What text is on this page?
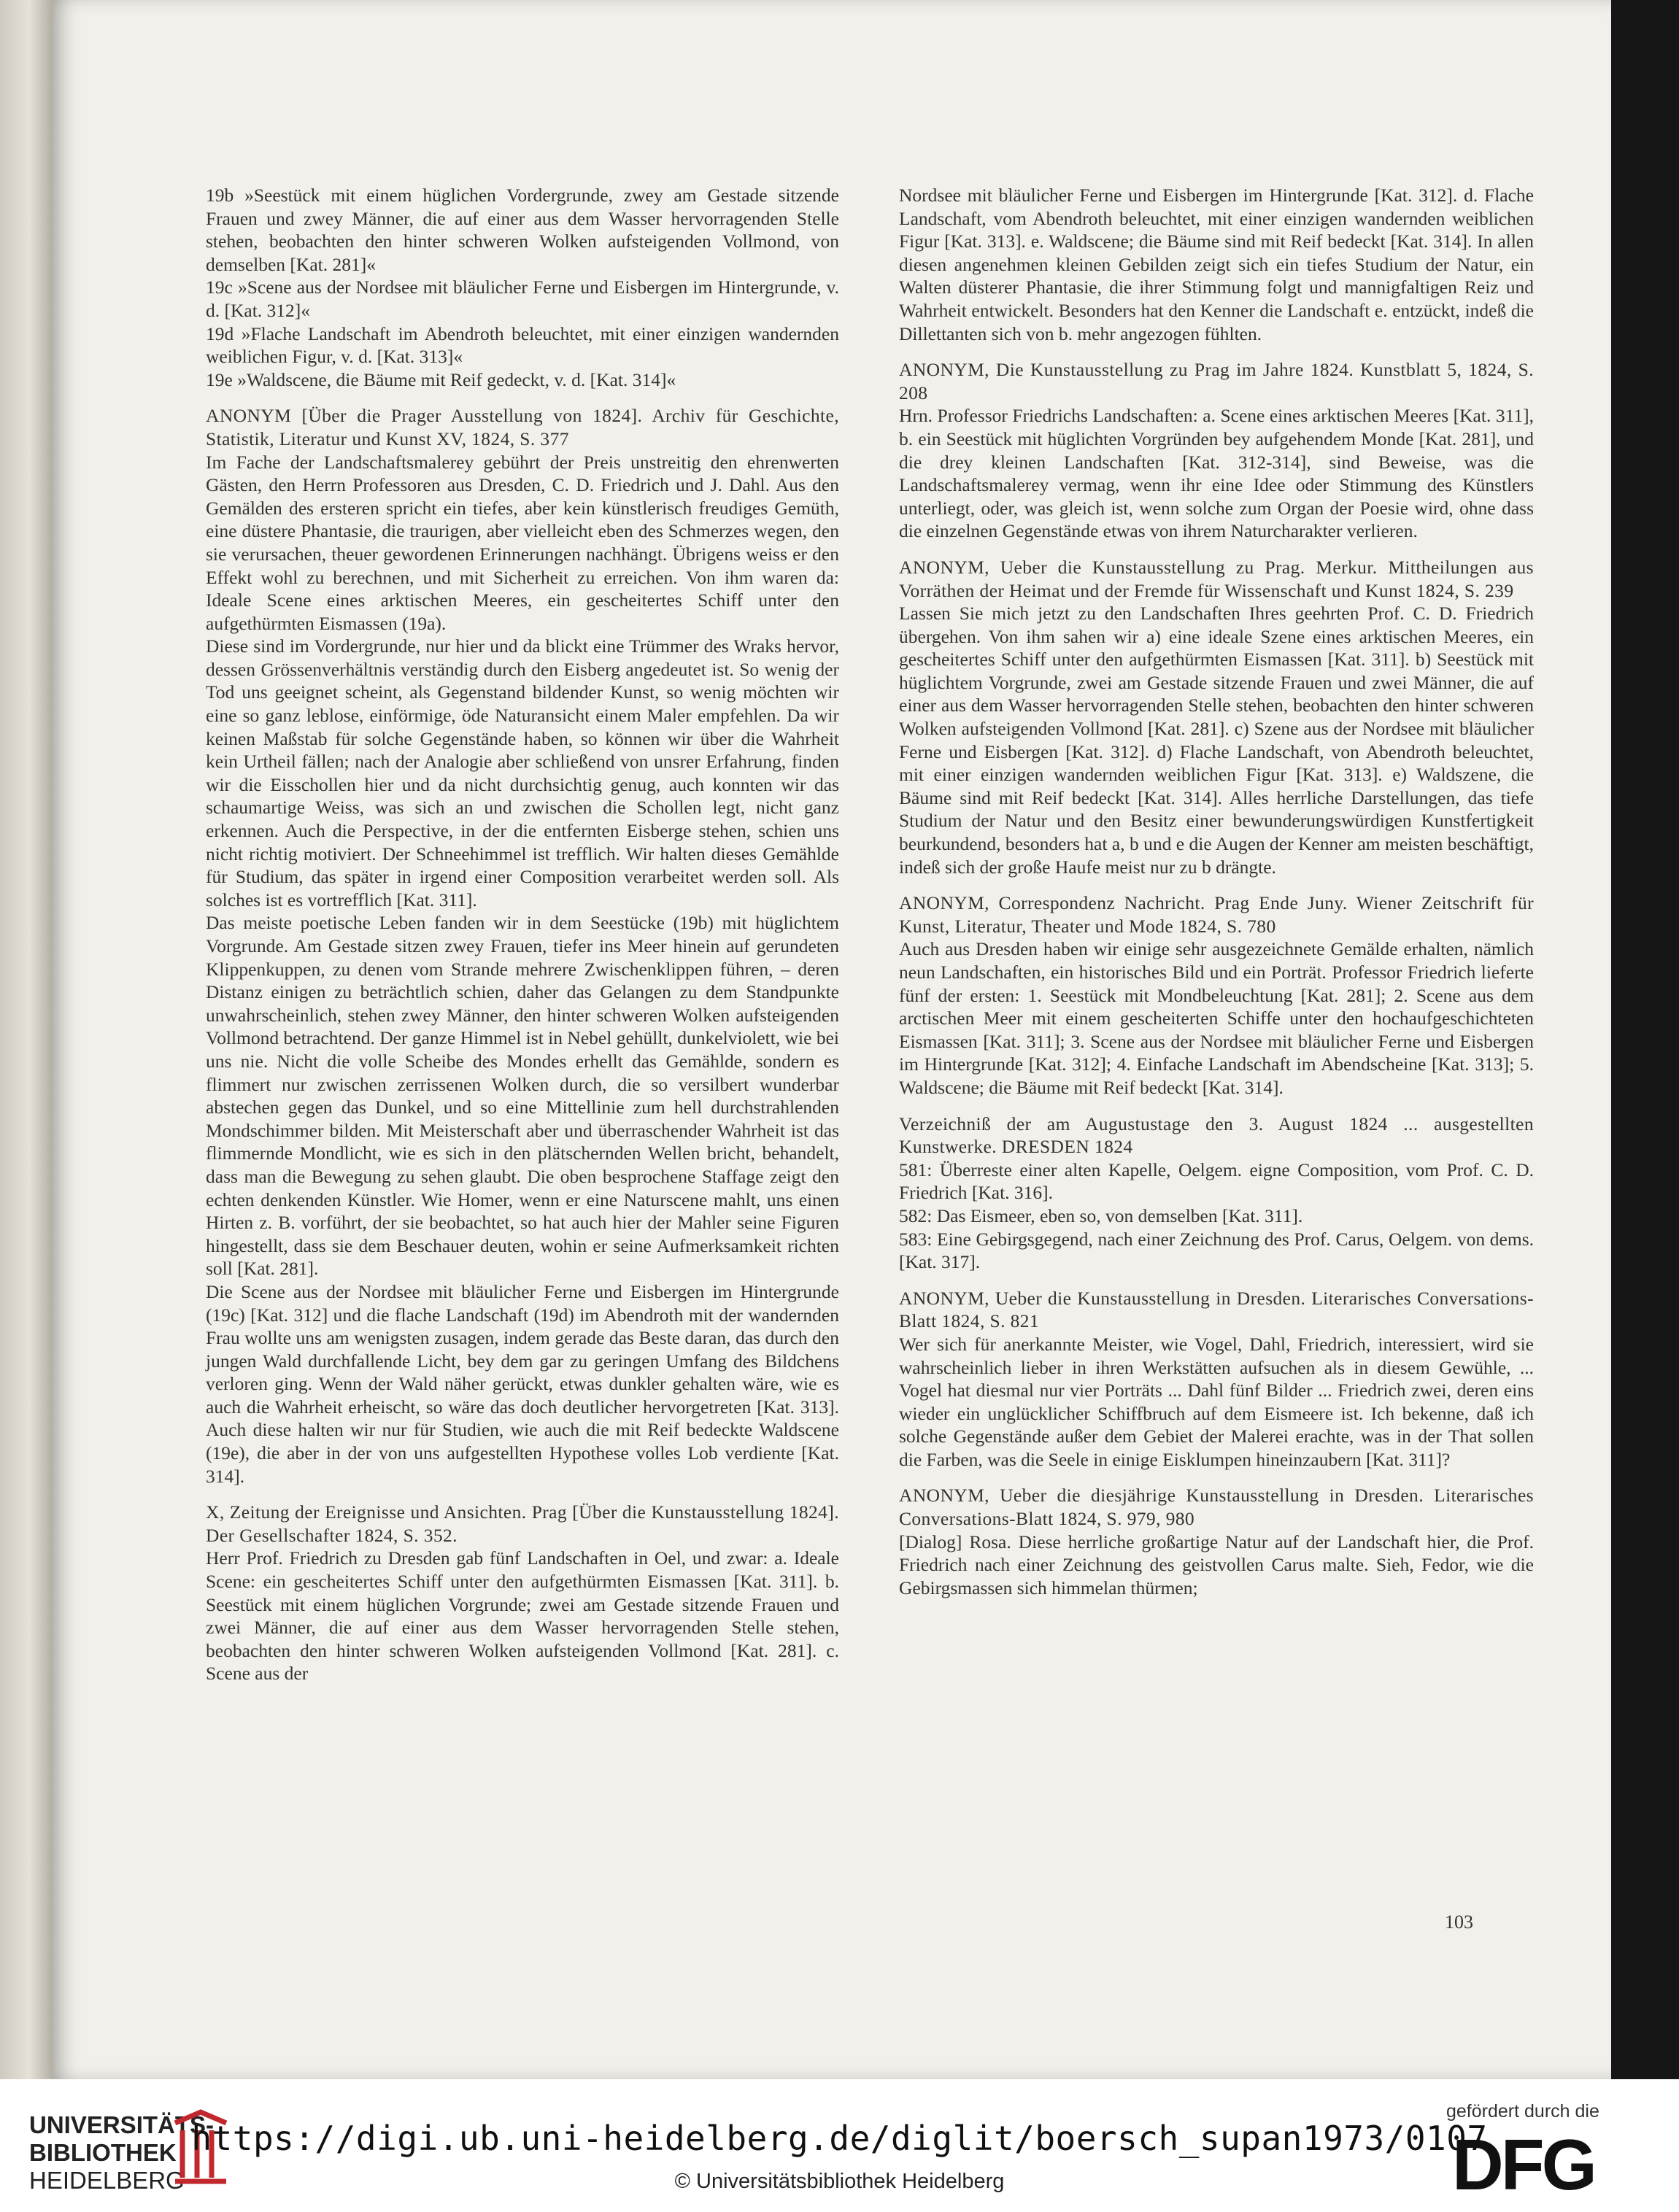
19b »Seestück mit einem hüglichen Vordergrunde, zwey am Gestade sitzende Frauen und zwey Männer, die auf einer aus dem Wasser hervorragenden Stelle stehen, beobachten den hinter schweren Wolken aufsteigenden Vollmond, von demselben [Kat. 281]«

19c »Scene aus der Nordsee mit bläulicher Ferne und Eisbergen im Hintergrunde, v. d. [Kat. 312]«

19d »Flache Landschaft im Abendroth beleuchtet, mit einer einzigen wandernden weiblichen Figur, v. d. [Kat. 313]«

19e »Waldscene, die Bäume mit Reif gedeckt, v. d. [Kat. 314]«

ANONYM [Über die Prager Ausstellung von 1824]. Archiv für Geschichte, Statistik, Literatur und Kunst XV, 1824, S. 377

Im Fache der Landschaftsmalerey gebührt der Preis unstreitig den ehrenwerten Gästen, den Herrn Professoren aus Dresden, C. D. Friedrich und J. Dahl. Aus den Gemälden des ersteren spricht ein tiefes, aber kein künstlerisch freudiges Gemüth, eine düstere Phantasie, die traurigen, aber vielleicht eben des Schmerzes wegen, den sie verursachen, theuer gewordenen Erinnerungen nachhängt. Übrigens weiss er den Effekt wohl zu berechnen, und mit Sicherheit zu erreichen. Von ihm waren da: Ideale Scene eines arktischen Meeres, ein gescheitertes Schiff unter den aufgethürmten Eismassen (19a).

Diese sind im Vordergrunde, nur hier und da blickt eine Trümmer des Wraks hervor, dessen Grössenverhältnis verständig durch den Eisberg angedeutet ist. So wenig der Tod uns geeignet scheint, als Gegenstand bildender Kunst, so wenig möchten wir eine so ganz leblose, einförmige, öde Naturansicht einem Maler empfehlen. Da wir keinen Maßstab für solche Gegenstände haben, so können wir über die Wahrheit kein Urtheil fällen; nach der Analogie aber schließend von unsrer Erfahrung, finden wir die Eisschollen hier und da nicht durchsichtig genug, auch konnten wir das schaumartige Weiss, was sich an und zwischen die Schollen legt, nicht ganz erkennen. Auch die Perspective, in der die entfernten Eisberge stehen, schien uns nicht richtig motiviert. Der Schneehimmel ist trefflich. Wir halten dieses Gemählde für Studium, das später in irgend einer Composition verarbeitet werden soll. Als solches ist es vortrefflich [Kat. 311].

Das meiste poetische Leben fanden wir in dem Seestücke (19b) mit hüglichtem Vorgrunde. Am Gestade sitzen zwey Frauen, tiefer ins Meer hinein auf gerundeten Klippenkuppen, zu denen vom Strande mehrere Zwischenklippen führen, – deren Distanz einigen zu beträchtlich schien, daher das Gelangen zu dem Standpunkte unwahrscheinlich, stehen zwey Männer, den hinter schweren Wolken aufsteigenden Vollmond betrachtend. Der ganze Himmel ist in Nebel gehüllt, dunkelviolett, wie bei uns nie. Nicht die volle Scheibe des Mondes erhellt das Gemählde, sondern es flimmert nur zwischen zerrissenen Wolken durch, die so versilbert wunderbar abstechen gegen das Dunkel, und so eine Mittellinie zum hell durchstrahlenden Mondschimmer bilden. Mit Meisterschaft aber und überraschender Wahrheit ist das flimmernde Mondlicht, wie es sich in den plätschernden Wellen bricht, behandelt, dass man die Bewegung zu sehen glaubt. Die oben besprochene Staffage zeigt den echten denkenden Künstler. Wie Homer, wenn er eine Naturscene mahlt, uns einen Hirten z. B. vorführt, der sie beobachtet, so hat auch hier der Mahler seine Figuren hingestellt, dass sie dem Beschauer deuten, wohin er seine Aufmerksamkeit richten soll [Kat. 281].

Die Scene aus der Nordsee mit bläulicher Ferne und Eisbergen im Hintergrunde (19c) [Kat. 312] und die flache Landschaft (19d) im Abendroth mit der wandernden Frau wollte uns am wenigsten zusagen, indem gerade das Beste daran, das durch den jungen Wald durchfallende Licht, bey dem gar zu geringen Umfang des Bildchens verloren ging. Wenn der Wald näher gerückt, etwas dunkler gehalten wäre, wie es auch die Wahrheit erheischt, so wäre das doch deutlicher hervorgetreten [Kat. 313]. Auch diese halten wir nur für Studien, wie auch die mit Reif bedeckte Waldscene (19e), die aber in der von uns aufgestellten Hypothese volles Lob verdiente [Kat. 314].

X, Zeitung der Ereignisse und Ansichten. Prag [Über die Kunstausstellung 1824]. Der Gesellschafter 1824, S. 352.

Herr Prof. Friedrich zu Dresden gab fünf Landschaften in Oel, und zwar: a. Ideale Scene: ein gescheitertes Schiff unter den aufgethürmten Eismassen [Kat. 311]. b. Seestück mit einem hüglichen Vorgrunde; zwei am Gestade sitzende Frauen und zwei Männer, die auf einer aus dem Wasser hervorragenden Stelle stehen, beobachten den hinter schweren Wolken aufsteigenden Vollmond [Kat. 281]. c. Scene aus der

Nordsee mit bläulicher Ferne und Eisbergen im Hintergrunde [Kat. 312]. d. Flache Landschaft, vom Abendroth beleuchtet, mit einer einzigen wandernden weiblichen Figur [Kat. 313]. e. Waldscene; die Bäume sind mit Reif bedeckt [Kat. 314]. In allen diesen angenehmen kleinen Gebilden zeigt sich ein tiefes Studium der Natur, ein Walten düsterer Phantasie, die ihrer Stimmung folgt und mannigfaltigen Reiz und Wahrheit entwickelt. Besonders hat den Kenner die Landschaft e. entzückt, indeß die Dillettanten sich von b. mehr angezogen fühlten.

ANONYM, Die Kunstausstellung zu Prag im Jahre 1824. Kunstblatt 5, 1824, S. 208

Hrn. Professor Friedrichs Landschaften: a. Scene eines arktischen Meeres [Kat. 311], b. ein Seestück mit hüglichten Vorgründen bey aufgehendem Monde [Kat. 281], und die drey kleinen Landschaften [Kat. 312-314], sind Beweise, was die Landschaftsmalerey vermag, wenn ihr eine Idee oder Stimmung des Künstlers unterliegt, oder, was gleich ist, wenn solche zum Organ der Poesie wird, ohne dass die einzelnen Gegenstände etwas von ihrem Naturcharakter verlieren.

ANONYM, Ueber die Kunstausstellung zu Prag. Merkur. Mittheilungen aus Vorräthen der Heimat und der Fremde für Wissenschaft und Kunst 1824, S. 239

Lassen Sie mich jetzt zu den Landschaften Ihres geehrten Prof. C. D. Friedrich übergehen. Von ihm sahen wir a) eine ideale Szene eines arktischen Meeres, ein gescheitertes Schiff unter den aufgethürmten Eismassen [Kat. 311]. b) Seestück mit hüglichtem Vorgrunde, zwei am Gestade sitzende Frauen und zwei Männer, die auf einer aus dem Wasser hervorragenden Stelle stehen, beobachten den hinter schweren Wolken aufsteigenden Vollmond [Kat. 281]. c) Szene aus der Nordsee mit bläulicher Ferne und Eisbergen [Kat. 312]. d) Flache Landschaft, von Abendroth beleuchtet, mit einer einzigen wandernden weiblichen Figur [Kat. 313]. e) Waldszene, die Bäume sind mit Reif bedeckt [Kat. 314]. Alles herrliche Darstellungen, das tiefe Studium der Natur und den Besitz einer bewunderungswürdigen Kunstfertigkeit beurkundend, besonders hat a, b und e die Augen der Kenner am meisten beschäftigt, indeß sich der große Haufe meist nur zu b drängte.

ANONYM, Correspondenz Nachricht. Prag Ende Juny. Wiener Zeitschrift für Kunst, Literatur, Theater und Mode 1824, S. 780

Auch aus Dresden haben wir einige sehr ausgezeichnete Gemälde erhalten, nämlich neun Landschaften, ein historisches Bild und ein Porträt. Professor Friedrich lieferte fünf der ersten: 1. Seestück mit Mondbeleuchtung [Kat. 281]; 2. Scene aus dem arctischen Meer mit einem gescheiterten Schiffe unter den hochaufgeschichteten Eismassen [Kat. 311]; 3. Scene aus der Nordsee mit bläulicher Ferne und Eisbergen im Hintergrunde [Kat. 312]; 4. Einfache Landschaft im Abendscheine [Kat. 313]; 5. Waldscene; die Bäume mit Reif bedeckt [Kat. 314].

Verzeichniß der am Augustustage den 3. August 1824 ... ausgestellten Kunstwerke. DRESDEN 1824

581: Überreste einer alten Kapelle, Oelgem. eigne Composition, vom Prof. C. D. Friedrich [Kat. 316].

582: Das Eismeer, eben so, von demselben [Kat. 311].

583: Eine Gebirgsgegend, nach einer Zeichnung des Prof. Carus, Oelgem. von dems. [Kat. 317].

ANONYM, Ueber die Kunstausstellung in Dresden. Literarisches Conversations-Blatt 1824, S. 821

Wer sich für anerkannte Meister, wie Vogel, Dahl, Friedrich, interessiert, wird sie wahrscheinlich lieber in ihren Werkstätten aufsuchen als in diesem Gewühle, ... Vogel hat diesmal nur vier Porträts ... Dahl fünf Bilder ... Friedrich zwei, deren eins wieder ein unglücklicher Schiffbruch auf dem Eismeere ist. Ich bekenne, daß ich solche Gegenstände außer dem Gebiet der Malerei erachte, was in der That sollen die Farben, was die Seele in einige Eisklumpen hineinzaubern [Kat. 311]?

ANONYM, Ueber die diesjährige Kunstausstellung in Dresden. Literarisches Conversations-Blatt 1824, S. 979, 980

[Dialog] Rosa. Diese herrliche großartige Natur auf der Landschaft hier, die Prof. Friedrich nach einer Zeichnung des geistvollen Carus malte. Sieh, Fedor, wie die Gebirgsmassen sich himmelan thürmen;

103
UNIVERSITÄTS-
BIBLIOTHEK
HEIDELBERG
https://digi.ub.uni-heidelberg.de/diglit/boersch_supan1973/0107
© Universitätsbibliothek Heidelberg
gefördert durch die
DFG
